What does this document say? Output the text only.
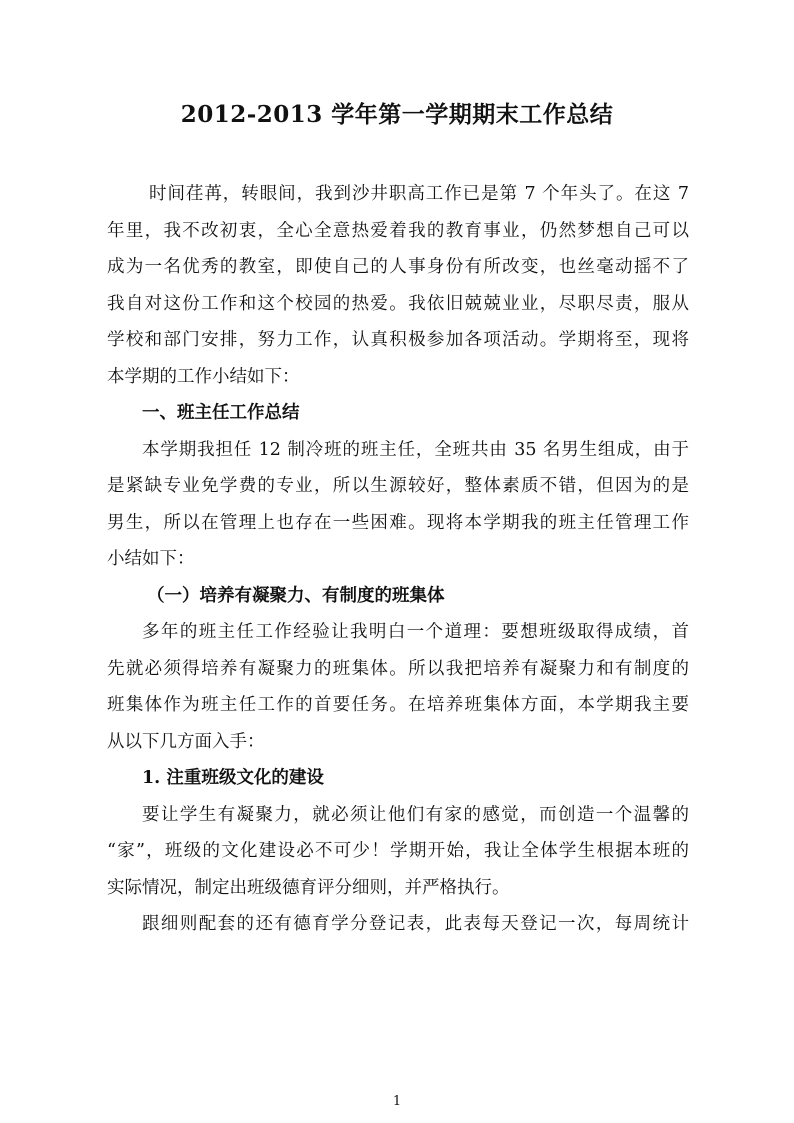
2012-2013 学年第一学期期末工作总结
时间荏苒，转眼间，我到沙井职高工作已是第 7 个年头了。在这 7
年里，我不改初衷，全心全意热爱着我的教育事业，仍然梦想自己可以
成为一名优秀的教室，即使自己的人事身份有所改变，也丝毫动摇不了
我自对这份工作和这个校园的热爱。我依旧兢兢业业，尽职尽责，服从
学校和部门安排，努力工作，认真积极参加各项活动。学期将至，现将
本学期的工作小结如下：
一、班主任工作总结
本学期我担任 12 制冷班的班主任，全班共由 35 名男生组成，由于
是紧缺专业免学费的专业，所以生源较好，整体素质不错，但因为的是
男生，所以在管理上也存在一些困难。现将本学期我的班主任管理工作
小结如下：
（一）培养有凝聚力、有制度的班集体
多年的班主任工作经验让我明白一个道理：要想班级取得成绩，首
先就必须得培养有凝聚力的班集体。所以我把培养有凝聚力和有制度的
班集体作为班主任工作的首要任务。在培养班集体方面，本学期我主要
从以下几方面入手：
1. 注重班级文化的建设
要让学生有凝聚力，就必须让他们有家的感觉，而创造一个温馨的
“家”，班级的文化建设必不可少！学期开始，我让全体学生根据本班的
实际情况，制定出班级德育评分细则，并严格执行。
跟细则配套的还有德育学分登记表，此表每天登记一次，每周统计
1
